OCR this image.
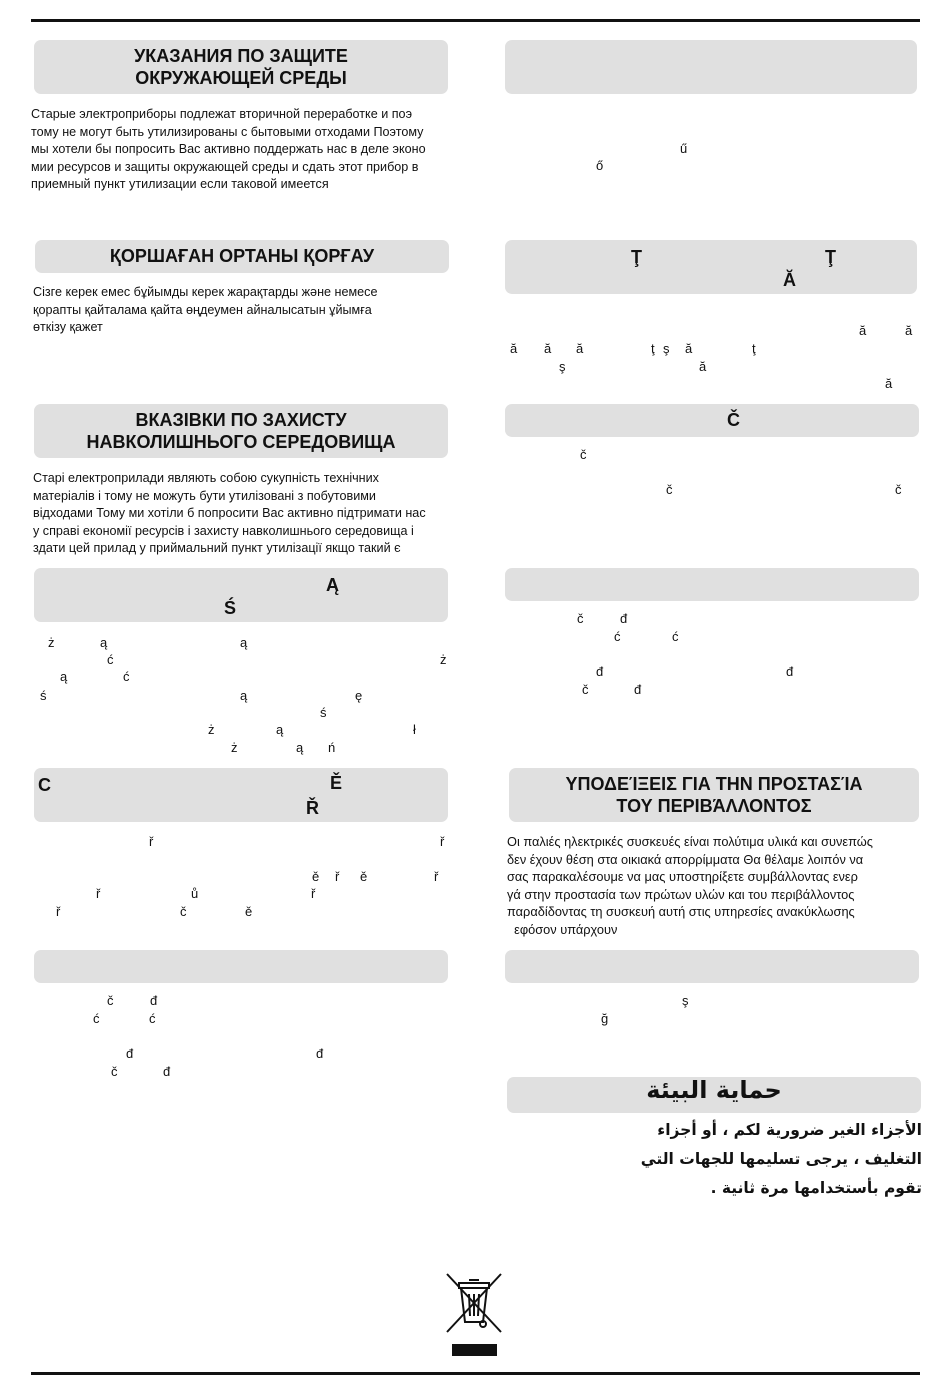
УКАЗАНИЯ ПО ЗАЩИТЕ
ОКРУЖАЮЩЕЙ СРЕДЫ

Старые электроприборы подлежат вторичной переработке и поэ

тому не могут быть утилизированы с бытовыми отходами Поэтому

мы хотели бы попросить Вас активно поддержать нас в деле эконо

мии ресурсов и защиты окружающей среды и сдать этот прибор в

приемный пункт утилизации если таковой имеется

ҚОРШАҒАН ОРТАНЫ ҚОРҒАУ

Сізге керек емес бұйымды керек жарақтарды және немесе

қорапты қайталама қайта өңдеумен айналысатын ұйымға

өткізу қажет

ВКАЗІВКИ ПО ЗАХИСТУ
НАВКОЛИШНЬОГО СЕРЕДОВИЩА

Старі електроприлади являють собою сукупність технічних

матеріалів і тому не можуть бути утилізовані з побутовими

відходами Тому ми хотіли б попросити Вас активно підтримати нас

у справі економії ресурсів і захисту навколишнього середовища і

здати цей прилад у приймальний пункт утилізації якщо такий є

Ą
Ś
ż	ą	ą
ć	ż
ą	ć
ś	ą	ę
ś
ż	ą	ł
ż	ą ń
C	Ě
Ř
ř	ř
ě ř ě	ř
ř	ů	ř
ř	č	ě
č	đ
ć	ć
đ	đ
č	đ
ű
ő
Ţ	Ţ
Ă
ă	ă
ă ă ă	ţ ş ă	ţ
ş	ă
ă
Č
č
č	č
č	đ
ć	ć
đ	đ
č	đ
ΥΠΟΔΕΊΞΕΙΣ ΓΙΑ ΤΗΝ ΠΡΟΣΤΑΣΊΑ
ΤΟΥ ΠΕΡΙΒΆΛΛΟΝΤΟΣ

Οι παλιές ηλεκτρικές συσκευές είναι πολύτιμα υλικά και συνεπώς

δεν έχουν θέση στα οικιακά απορρίμματα Θα θέλαμε λοιπόν να

σας παρακαλέσουμε να μας υποστηρίξετε συμβάλλοντας ενερ

γά στην προστασία των πρώτων υλών και του περιβάλλοντος

παραδίδοντας τη συσκευή αυτή στις υπηρεσίες ανακύκλωσης

εφόσον υπάρχουν

ş
ğ
حماية البيئة
الأجزاء الغير ضرورية لكم ، أو أجزاء
التغليف ، يرجى تسليمها للجهات التي
تقوم بأستخدامها مرة ثانية .
